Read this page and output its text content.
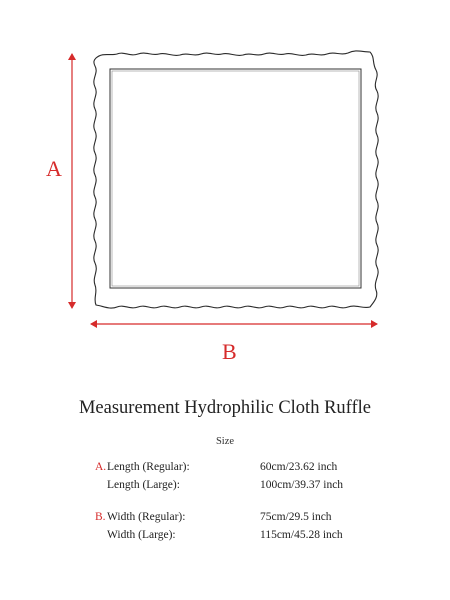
A
B
Measurement Hydrophilic Cloth Ruffle
Size
A. Length (Regular):	60cm/23.62 inch
Length (Large):	100cm/39.37 inch
B. Width (Regular):	75cm/29.5 inch
Width (Large):	115cm/45.28 inch
